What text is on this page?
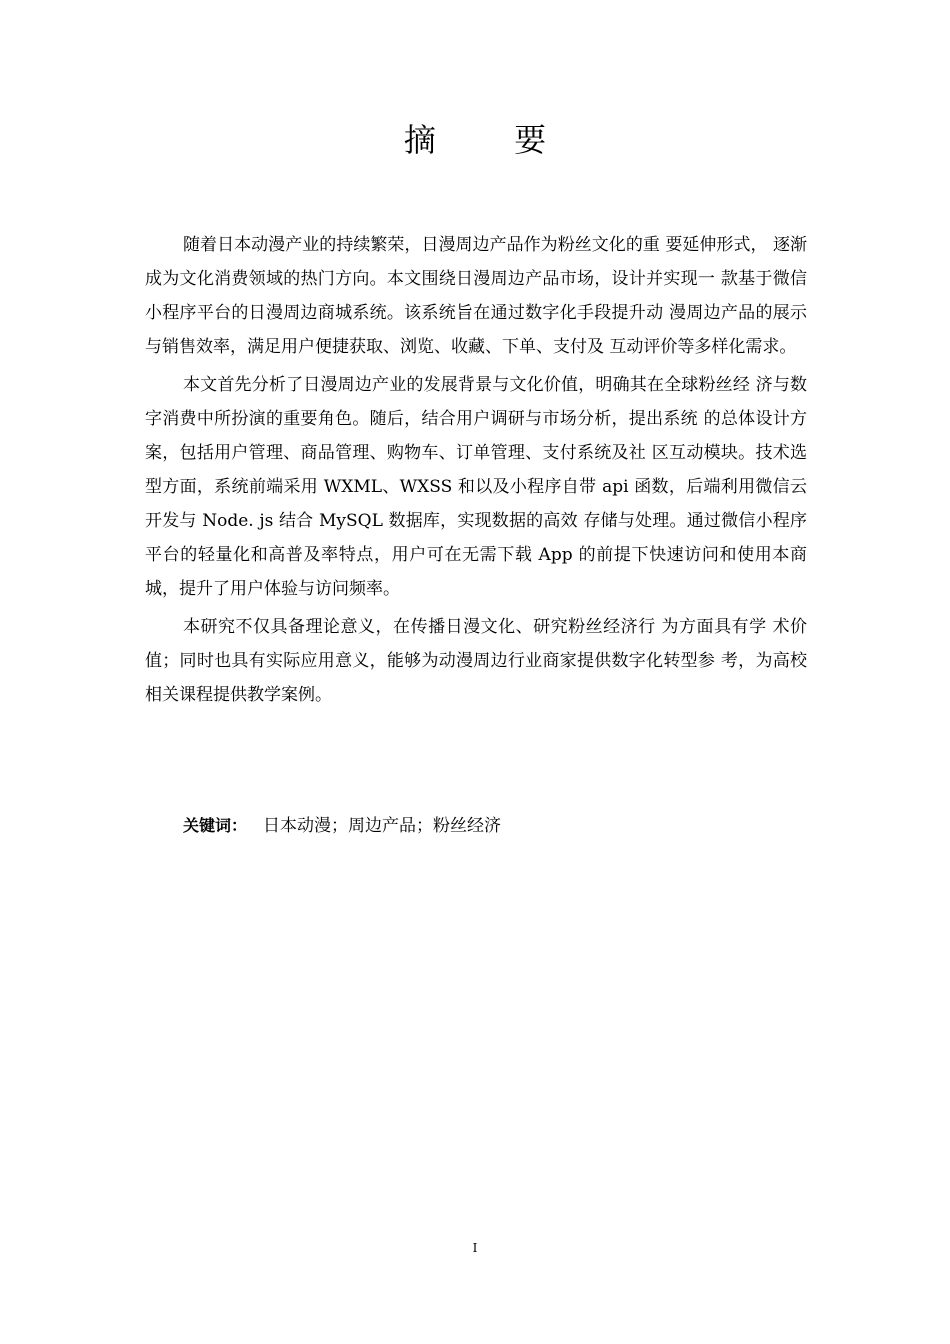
摘 要

随着日本动漫产业的持续繁荣，日漫周边产品作为粉丝文化的重 要延伸形式， 逐渐成为文化消费领域的热门方向。本文围绕日漫周边产品市场，设计并实现一 款基于微信小程序平台的日漫周边商城系统。该系统旨在通过数字化手段提升动 漫周边产品的展示与销售效率，满足用户便捷获取、浏览、收藏、下单、支付及 互动评价等多样化需求。

本文首先分析了日漫周边产业的发展背景与文化价值，明确其在全球粉丝经 济与数字消费中所扮演的重要角色。随后，结合用户调研与市场分析，提出系统 的总体设计方案，包括用户管理、商品管理、购物车、订单管理、支付系统及社 区互动模块。技术选型方面，系统前端采用 WXML、WXSS 和以及小程序自带 api 函数，后端利用微信云开发与 Node. js 结合 MySQL 数据库，实现数据的高效 存储与处理。通过微信小程序平台的轻量化和高普及率特点，用户可在无需下载 App 的前提下快速访问和使用本商城，提升了用户体验与访问频率。

本研究不仅具备理论意义，在传播日漫文化、研究粉丝经济行 为方面具有学 术价值；同时也具有实际应用意义，能够为动漫周边行业商家提供数字化转型参 考，为高校相关课程提供教学案例。

关键词： 日本动漫；周边产品；粉丝经济
I
